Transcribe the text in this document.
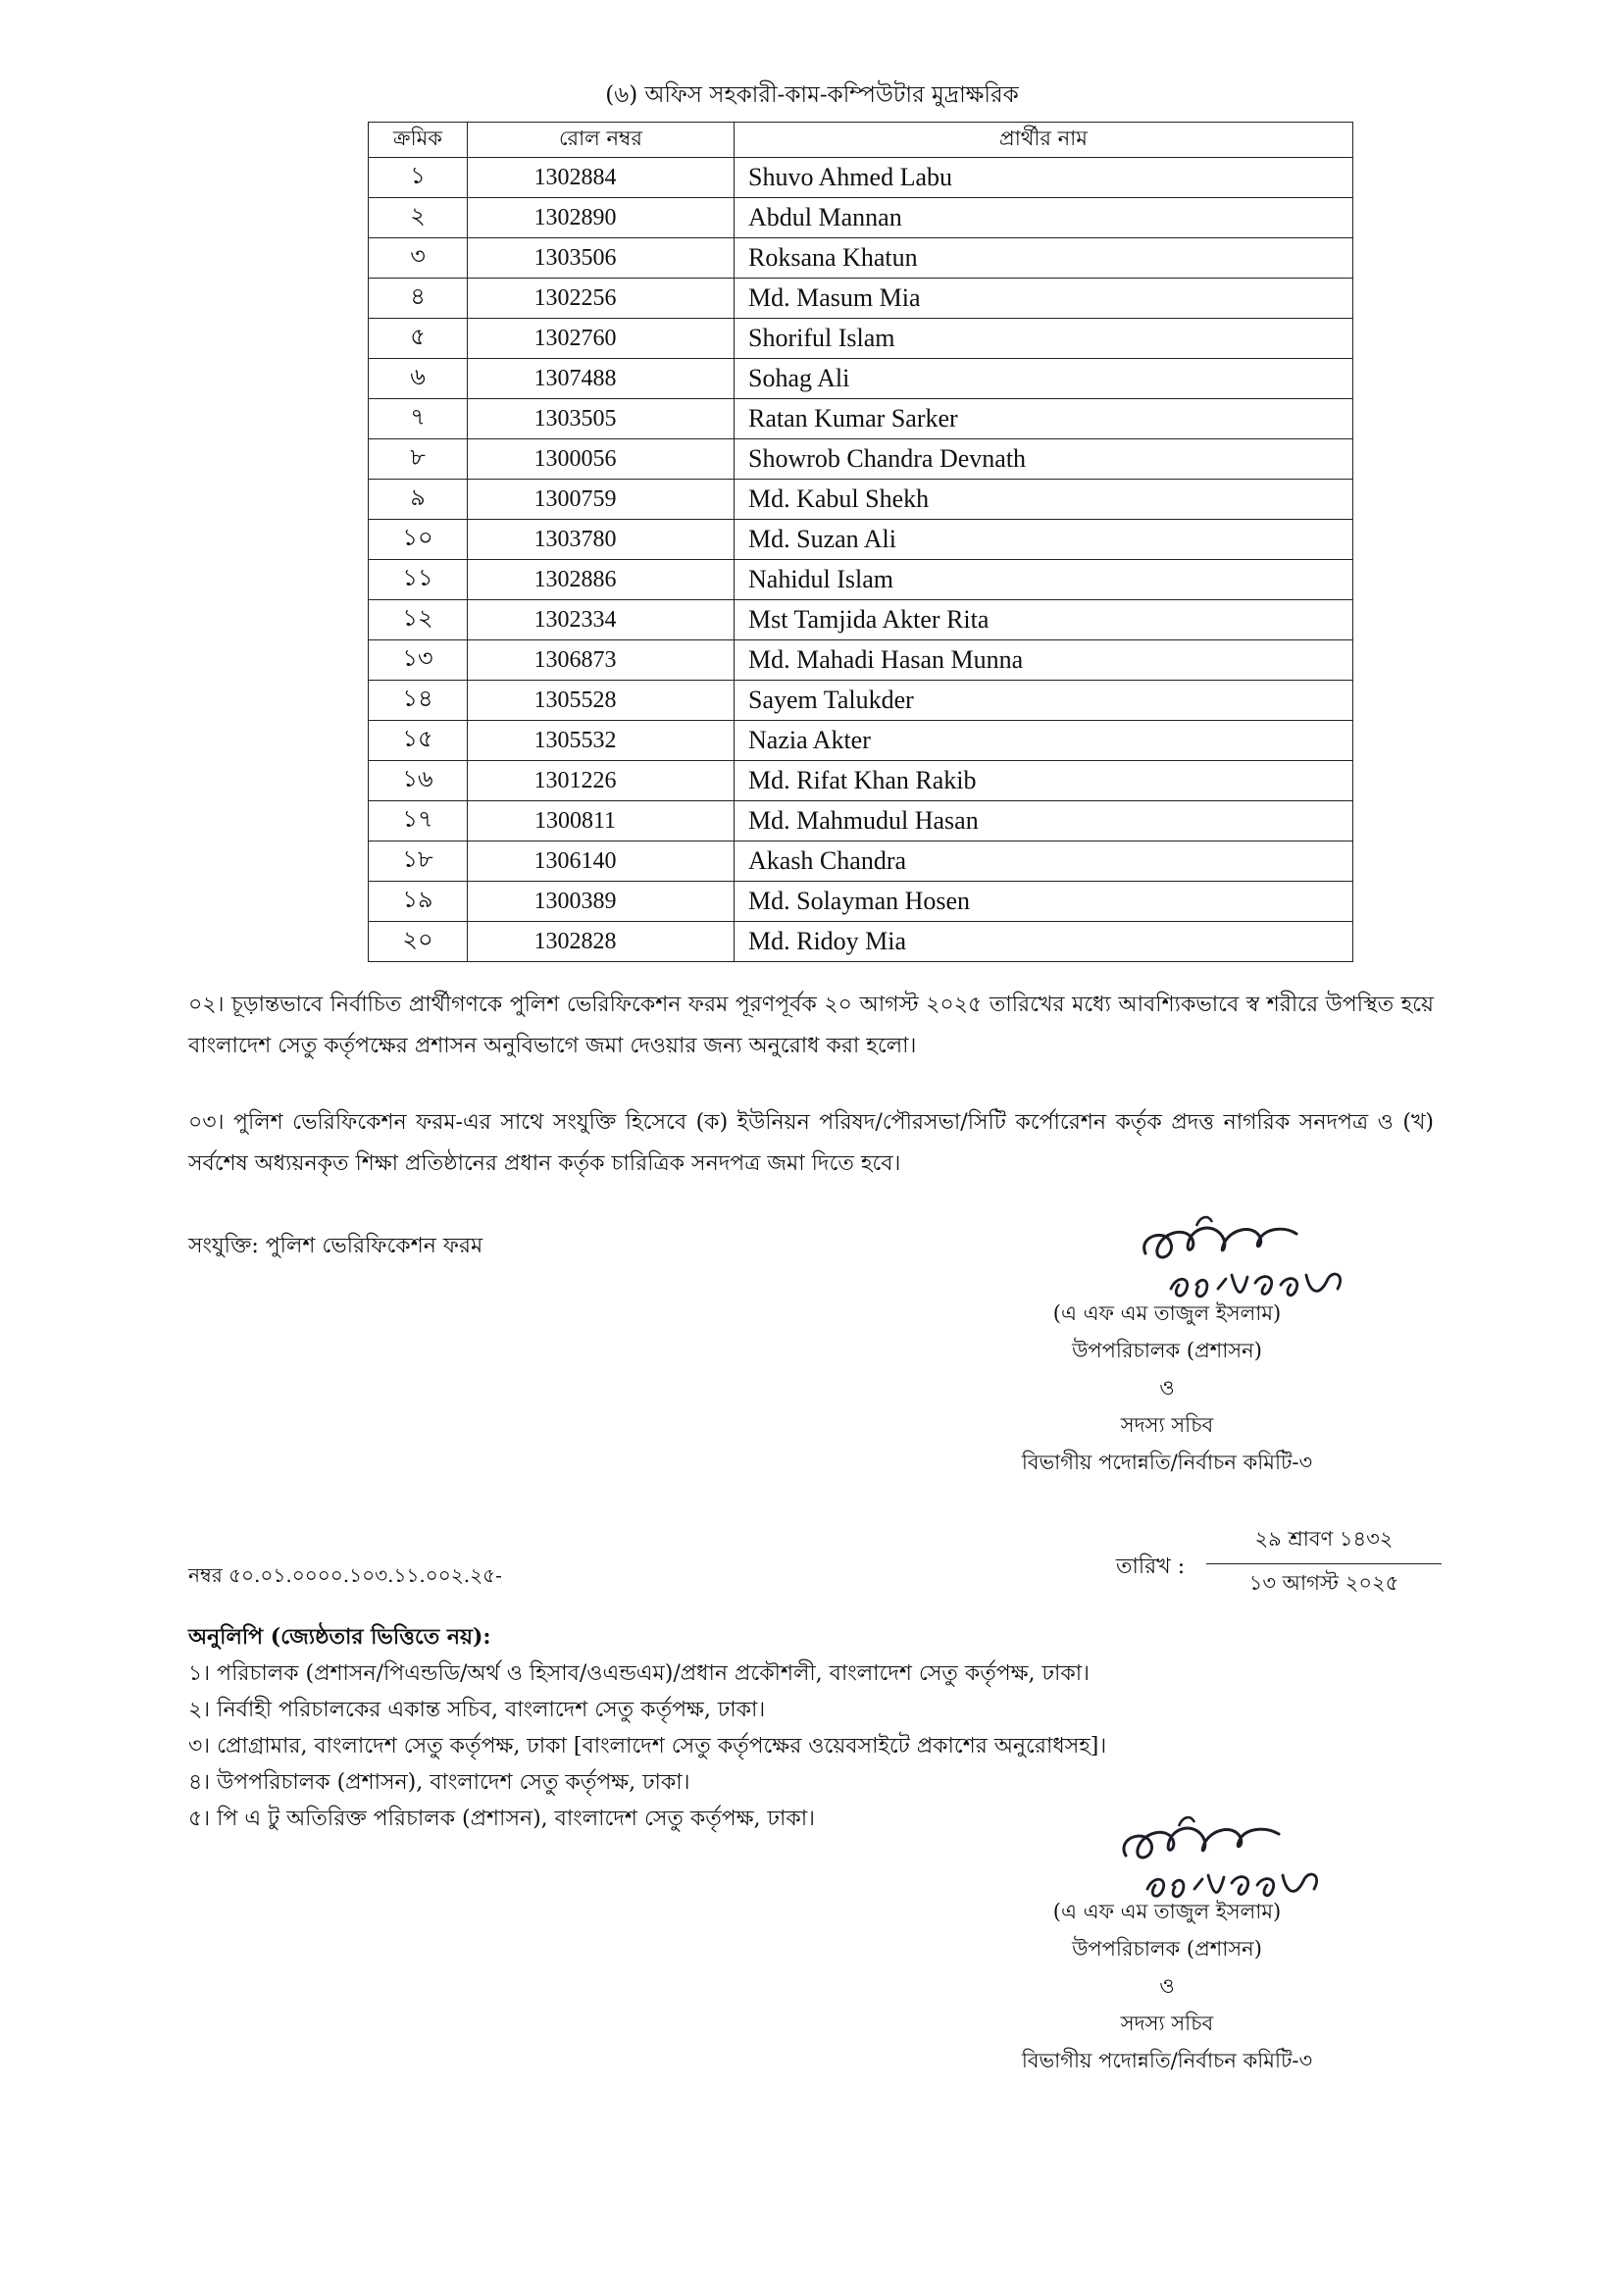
(৬) অফিস সহকারী-কাম-কম্পিউটার মুদ্রাক্ষরিক
ক্রমিক	রোল নম্বর	প্রার্থীর নাম
১	1302884	Shuvo Ahmed Labu
২	1302890	Abdul Mannan
৩	1303506	Roksana Khatun
৪	1302256	Md. Masum Mia
৫	1302760	Shoriful Islam
৬	1307488	Sohag Ali
৭	1303505	Ratan Kumar Sarker
৮	1300056	Showrob Chandra Devnath
৯	1300759	Md. Kabul Shekh
১০	1303780	Md. Suzan Ali
১১	1302886	Nahidul Islam
১২	1302334	Mst Tamjida Akter Rita
১৩	1306873	Md. Mahadi Hasan Munna
১৪	1305528	Sayem Talukder
১৫	1305532	Nazia Akter
১৬	1301226	Md. Rifat Khan Rakib
১৭	1300811	Md. Mahmudul Hasan
১৮	1306140	Akash Chandra
১৯	1300389	Md. Solayman Hosen
২০	1302828	Md. Ridoy Mia
০২। চূড়ান্তভাবে নির্বাচিত প্রার্থীগণকে পুলিশ ভেরিফিকেশন ফরম পূরণপূর্বক ২০ আগস্ট ২০২৫ তারিখের মধ্যে আবশ্যিকভাবে স্ব শরীরে উপস্থিত হয়ে বাংলাদেশ সেতু কর্তৃপক্ষের প্রশাসন অনুবিভাগে জমা দেওয়ার জন্য অনুরোধ করা হলো।
০৩। পুলিশ ভেরিফিকেশন ফরম-এর সাথে সংযুক্তি হিসেবে (ক) ইউনিয়ন পরিষদ/পৌরসভা/সিটি কর্পোরেশন কর্তৃক প্রদত্ত নাগরিক সনদপত্র ও (খ) সর্বশেষ অধ্যয়নকৃত শিক্ষা প্রতিষ্ঠানের প্রধান কর্তৃক চারিত্রিক সনদপত্র জমা দিতে হবে।
সংযুক্তি: পুলিশ ভেরিফিকেশন ফরম
(এ এফ এম তাজুল ইসলাম)
উপপরিচালক (প্রশাসন)
ও
সদস্য সচিব
বিভাগীয় পদোন্নতি/নির্বাচন কমিটি-৩
নম্বর ৫০.০১.০০০০.১০৩.১১.০০২.২৫-	তারিখ :
২৯ শ্রাবণ ১৪৩২
১৩ আগস্ট ২০২৫
অনুলিপি (জ্যেষ্ঠতার ভিত্তিতে নয়):
১। পরিচালক (প্রশাসন/পিএন্ডডি/অর্থ ও হিসাব/ওএন্ডএম)/প্রধান প্রকৌশলী, বাংলাদেশ সেতু কর্তৃপক্ষ, ঢাকা।
২। নির্বাহী পরিচালকের একান্ত সচিব, বাংলাদেশ সেতু কর্তৃপক্ষ, ঢাকা।
৩। প্রোগ্রামার, বাংলাদেশ সেতু কর্তৃপক্ষ, ঢাকা [বাংলাদেশ সেতু কর্তৃপক্ষের ওয়েবসাইটে প্রকাশের অনুরোধসহ]।
৪। উপপরিচালক (প্রশাসন), বাংলাদেশ সেতু কর্তৃপক্ষ, ঢাকা।
৫। পি এ টু অতিরিক্ত পরিচালক (প্রশাসন), বাংলাদেশ সেতু কর্তৃপক্ষ, ঢাকা।
(এ এফ এম তাজুল ইসলাম)
উপপরিচালক (প্রশাসন)
ও
সদস্য সচিব
বিভাগীয় পদোন্নতি/নির্বাচন কমিটি-৩
